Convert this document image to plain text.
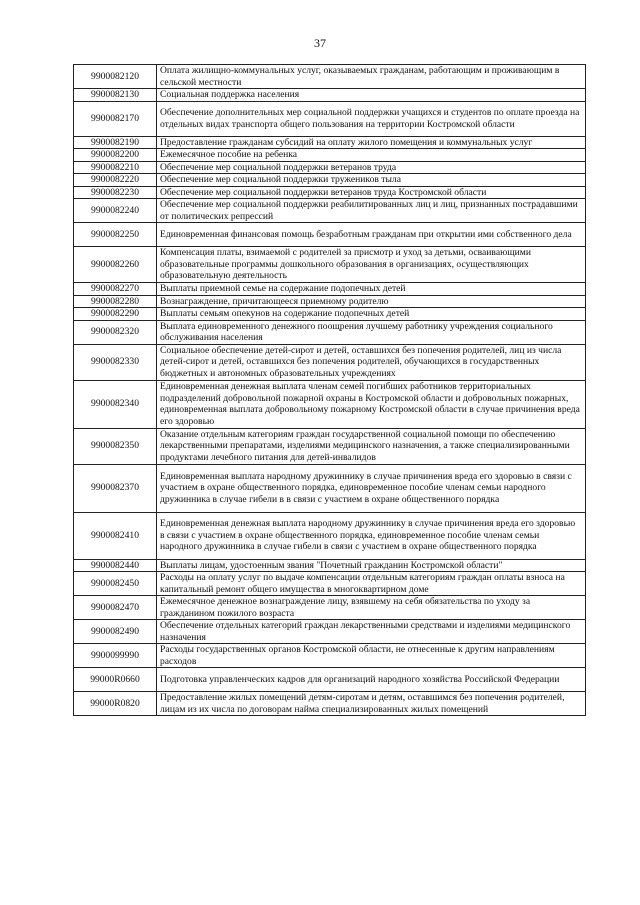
37
9900082120	Оплата жилищно-коммунальных услуг, оказываемых гражданам, работающим и проживающим в сельской местности
9900082130	Социальная поддержка населения
9900082170	Обеспечение дополнительных мер социальной поддержки учащихся и студентов по оплате проезда на отдельных видах транспорта общего пользования на территории Костромской области
9900082190	Предоставление гражданам субсидий на оплату жилого помещения и коммунальных услуг
9900082200	Ежемесячное пособие на ребенка
9900082210	Обеспечение мер социальной поддержки ветеранов труда
9900082220	Обеспечение мер социальной поддержки тружеников тыла
9900082230	Обеспечение мер социальной поддержки ветеранов труда Костромской области
9900082240	Обеспечение мер социальной поддержки реабилитированных лиц и лиц, признанных пострадавшими от политических репрессий
9900082250	Единовременная финансовая помощь безработным гражданам при открытии ими собственного дела
9900082260	Компенсация платы, взимаемой с родителей за присмотр и уход за детьми, осваивающими образовательные программы дошкольного образования в организациях, осуществляющих образовательную деятельность
9900082270	Выплаты приемной семье на содержание подопечных детей
9900082280	Вознаграждение, причитающееся приемному родителю
9900082290	Выплаты семьям опекунов на содержание подопечных детей
9900082320	Выплата единовременного денежного поощрения лучшему работнику учреждения социального обслуживания населения
9900082330	Социальное обеспечение детей-сирот и детей, оставшихся без попечения родителей, лиц из числа детей-сирот и детей, оставшихся без попечения родителей, обучающихся в государственных бюджетных и автономных образовательных учреждениях
9900082340	Единовременная денежная выплата членам семей погибших работников территориальных подразделений добровольной пожарной охраны в Костромской области и добровольных пожарных, единовременная выплата добровольному пожарному Костромской области в случае причинения вреда его здоровью
9900082350	Оказание отдельным категориям граждан государственной социальной помощи по обеспечению лекарственными препаратами, изделиями медицинского назначения, а также специализированными продуктами лечебного питания для детей-инвалидов
9900082370	Единовременная выплата народному дружиннику в случае причинения вреда его здоровью в связи с участием в охране общественного порядка, единовременное пособие членам семьи народного дружинника в случае гибели в в связи с участием в охране общественного порядка
9900082410	Единовременная денежная выплата народному дружиннику в случае причинения вреда его здоровью в связи с участием в охране общественного порядка, единовременное пособие членам семьи народного дружинника в случае гибели в связи с участием в охране общественного порядка
9900082440	Выплаты лицам, удостоенным звания "Почетный гражданин Костромской области"
9900082450	Расходы на оплату услуг по выдаче компенсации отдельным категориям граждан оплаты взноса на капитальный ремонт общего имущества в многоквартирном доме
9900082470	Ежемесячное денежное вознаграждение лицу, взявшему на себя обязательства по уходу за гражданином пожилого возраста
9900082490	Обеспечение отдельных категорий граждан лекарственными средствами и изделиями медицинского назначения
9900099990	Расходы государственных органов Костромской области, не отнесенные к другим направлениям расходов
99000R0660	Подготовка управленческих кадров для организаций народного хозяйства Российской Федерации
99000R0820	Предоставление жилых помещений детям-сиротам и детям, оставшимся без попечения родителей, лицам из их числа по договорам найма специализированных жилых помещений
